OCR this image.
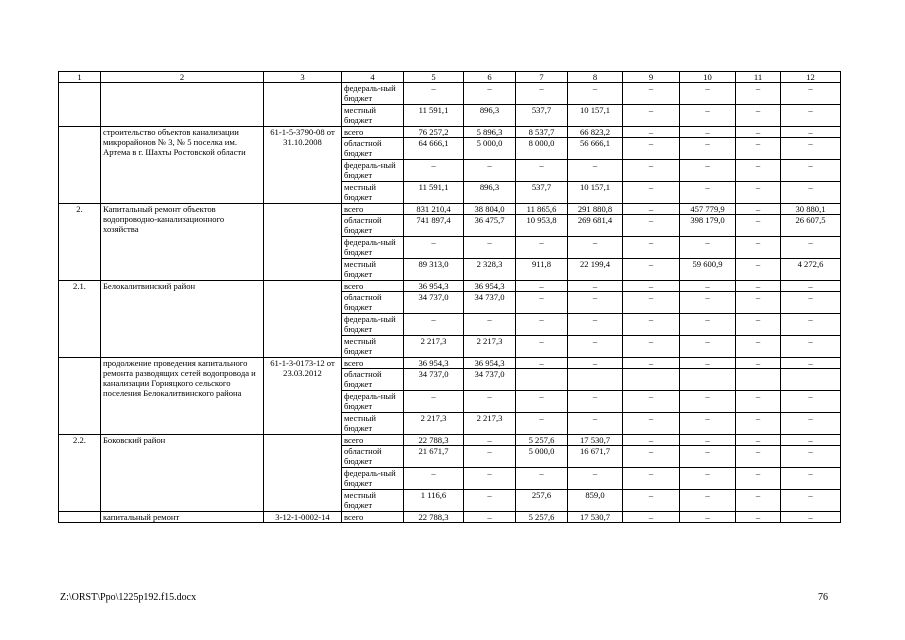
1	2	3	4	5	6	7	8	9	10	11	12
			федераль-ный бюджет	–	–	–	–	–	–	–	–
			местный бюджет	11 591,1	896,3	537,7	10 157,1	–	–	–	–
	строительство объектов канализации микрорайонов № 3, № 5 поселка им. Артема в г. Шахты Ростовской области	61-1-5-3790-08 от 31.10.2008	всего	76 257,2	5 896,3	8 537,7	66 823,2	–	–	–	–
			областной бюджет	64 666,1	5 000,0	8 000,0	56 666,1	–	–	–	–
			федераль-ный бюджет	–	–	–	–	–	–	–	–
			местный бюджет	11 591,1	896,3	537,7	10 157,1	–	–	–	–
2.	Капитальный ремонт объектов водопроводно-канализационного хозяйства		всего	831 210,4	38 804,0	11 865,6	291 880,8	–	457 779,9	–	30 880,1
			областной бюджет	741 897,4	36 475,7	10 953,8	269 681,4	–	398 179,0	–	26 607,5
			федераль-ный бюджет	–	–	–	–	–	–	–	–
			местный бюджет	89 313,0	2 328,3	911,8	22 199,4	–	59 600,9	–	4 272,6
2.1.	Белокалитвинский район		всего	36 954,3	36 954,3	–	–	–	–	–	–
			областной бюджет	34 737,0	34 737,0	–	–	–	–	–	–
			федераль-ный бюджет	–	–	–	–	–	–	–	–
			местный бюджет	2 217,3	2 217,3	–	–	–	–	–	–
	продолжение проведения капитального ремонта разводящих сетей водопровода и канализации Горняцкого сельского поселения Белокалитвинского района	61-1-3-0173-12 от 23.03.2012	всего	36 954,3	36 954,3	–	–	–	–	–	–
			областной бюджет	34 737,0	34 737,0						
			федераль-ный бюджет	–	–	–	–	–	–	–	–
			местный бюджет	2 217,3	2 217,3	–	–	–	–	–	–
2.2.	Боковский район		всего	22 788,3	–	5 257,6	17 530,7	–	–	–	–
			областной бюджет	21 671,7	–	5 000,0	16 671,7	–	–	–	–
			федераль-ный бюджет	–	–	–	–	–	–	–	–
			местный бюджет	1 116,6	–	257,6	859,0	–	–	–	–
	капитальный ремонт	3-12-1-0002-14	всего	22 788,3	–	5 257,6	17 530,7	–	–	–	–
Z:\ORST\Ppo\1225p192.f15.docx	76
